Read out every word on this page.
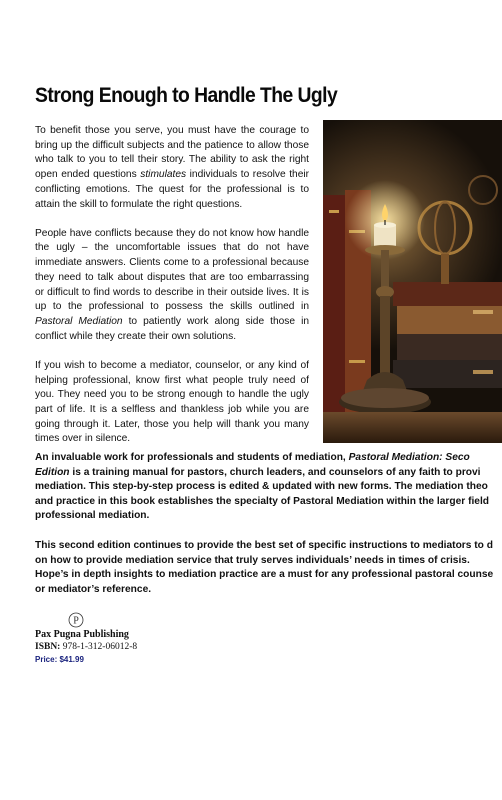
Strong Enough to Handle The Ugly

To benefit those you serve, you must have the courage to bring up the difficult subjects and the patience to allow those who talk to you to tell their story. The ability to ask the right open ended questions stimulates individuals to resolve their conflicting emotions. The quest for the professional is to attain the skill to formulate the right questions.

People have conflicts because they do not know how handle the ugly – the uncomfortable issues that do not have immediate answers. Clients come to a professional because they need to talk about disputes that are too embarrassing or difficult to find words to describe in their outside lives. It is up to the professional to possess the skills outlined in Pastoral Mediation to patiently work along side those in conflict while they create their own solutions.

If you wish to become a mediator, counselor, or any kind of helping professional, know first what people truly need of you. They need you to be strong enough to handle the ugly part of life. It is a selfless and thankless job while you are going through it. Later, those you help will thank you many times over in silence.

An invaluable work for professionals and students of mediation, Pastoral Mediation: Seco
Edition is a training manual for pastors, church leaders, and counselors of any faith to provi
mediation. This step-by-step process is edited & updated with new forms. The mediation theo
and practice in this book establishes the specialty of Pastoral Mediation within the larger field
professional mediation.

This second edition continues to provide the best set of specific instructions to mediators to d
on how to provide mediation service that truly serves individuals’ needs in times of crisis.
Hope’s in depth insights to mediation practice are a must for any professional pastoral counse
or mediator’s reference.

P
Pax Pugna Publishing
ISBN: 978-1-312-06012-8
Price: $41.99
